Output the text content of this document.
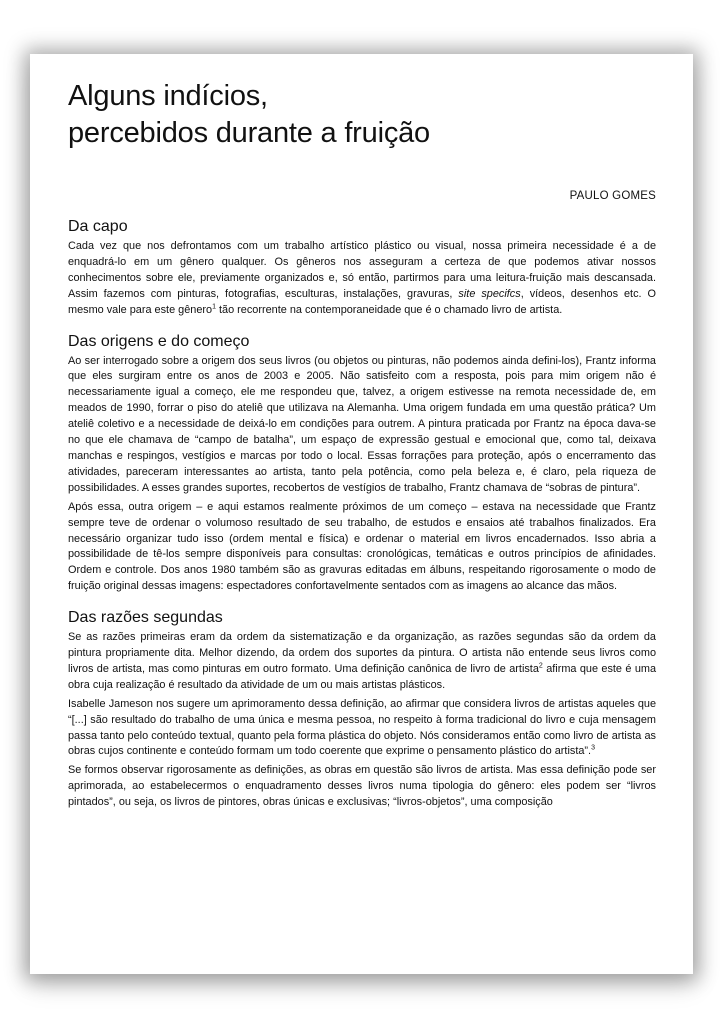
Alguns indícios,
percebidos durante a fruição
PAULO GOMES
Da capo

Cada vez que nos defrontamos com um trabalho artístico plástico ou visual, nossa primeira necessidade é a de enquadrá-lo em um gênero qualquer. Os gêneros nos asseguram a certeza de que podemos ativar nossos conhecimentos sobre ele, previamente organizados e, só então, partirmos para uma leitura-fruição mais descansada. Assim fazemos com pinturas, fotografias, esculturas, instalações, gravuras, site specifcs, vídeos, desenhos etc. O mesmo vale para este gênero$^1$ tão recorrente na contemporaneidade que é o chamado livro de artista.

Das origens e do começo

Ao ser interrogado sobre a origem dos seus livros (ou objetos ou pinturas, não podemos ainda defini-los), Frantz informa que eles surgiram entre os anos de 2003 e 2005. Não satisfeito com a resposta, pois para mim origem não é necessariamente igual a começo, ele me respondeu que, talvez, a origem estivesse na remota necessidade de, em meados de 1990, forrar o piso do ateliê que utilizava na Alemanha. Uma origem fundada em uma questão prática? Um ateliê coletivo e a necessidade de deixá-lo em condições para outrem. A pintura praticada por Frantz na época dava-se no que ele chamava de “campo de batalha”, um espaço de expressão gestual e emocional que, como tal, deixava manchas e respingos, vestígios e marcas por todo o local. Essas forrações para proteção, após o encerramento das atividades, pareceram interessantes ao artista, tanto pela potência, como pela beleza e, é claro, pela riqueza de possibilidades. A esses grandes suportes, recobertos de vestígios de trabalho, Frantz chamava de “sobras de pintura”.

Após essa, outra origem – e aqui estamos realmente próximos de um começo – estava na necessidade que Frantz sempre teve de ordenar o volumoso resultado de seu trabalho, de estudos e ensaios até trabalhos finalizados. Era necessário organizar tudo isso (ordem mental e física) e ordenar o material em livros encadernados. Isso abria a possibilidade de tê-los sempre disponíveis para consultas: cronológicas, temáticas e outros princípios de afinidades. Ordem e controle. Dos anos 1980 também são as gravuras editadas em álbuns, respeitando rigorosamente o modo de fruição original dessas imagens: espectadores confortavelmente sentados com as imagens ao alcance das mãos.

Das razões segundas

Se as razões primeiras eram da ordem da sistematização e da organização, as razões segundas são da ordem da pintura propriamente dita. Melhor dizendo, da ordem dos suportes da pintura. O artista não entende seus livros como livros de artista, mas como pinturas em outro formato. Uma definição canônica de livro de artista$^2$ afirma que este é uma obra cuja realização é resultado da atividade de um ou mais artistas plásticos.

Isabelle Jameson nos sugere um aprimoramento dessa definição, ao afirmar que considera livros de artistas aqueles que “[...] são resultado do trabalho de uma única e mesma pessoa, no respeito à forma tradicional do livro e cuja mensagem passa tanto pelo conteúdo textual, quanto pela forma plástica do objeto. Nós consideramos então como livro de artista as obras cujos continente e conteúdo formam um todo coerente que exprime o pensamento plástico do artista”.$^3$

Se formos observar rigorosamente as definições, as obras em questão são livros de artista. Mas essa definição pode ser aprimorada, ao estabelecermos o enquadramento desses livros numa tipologia do gênero: eles podem ser “livros pintados”, ou seja, os livros de pintores, obras únicas e exclusivas; “livros-objetos”, uma composição
